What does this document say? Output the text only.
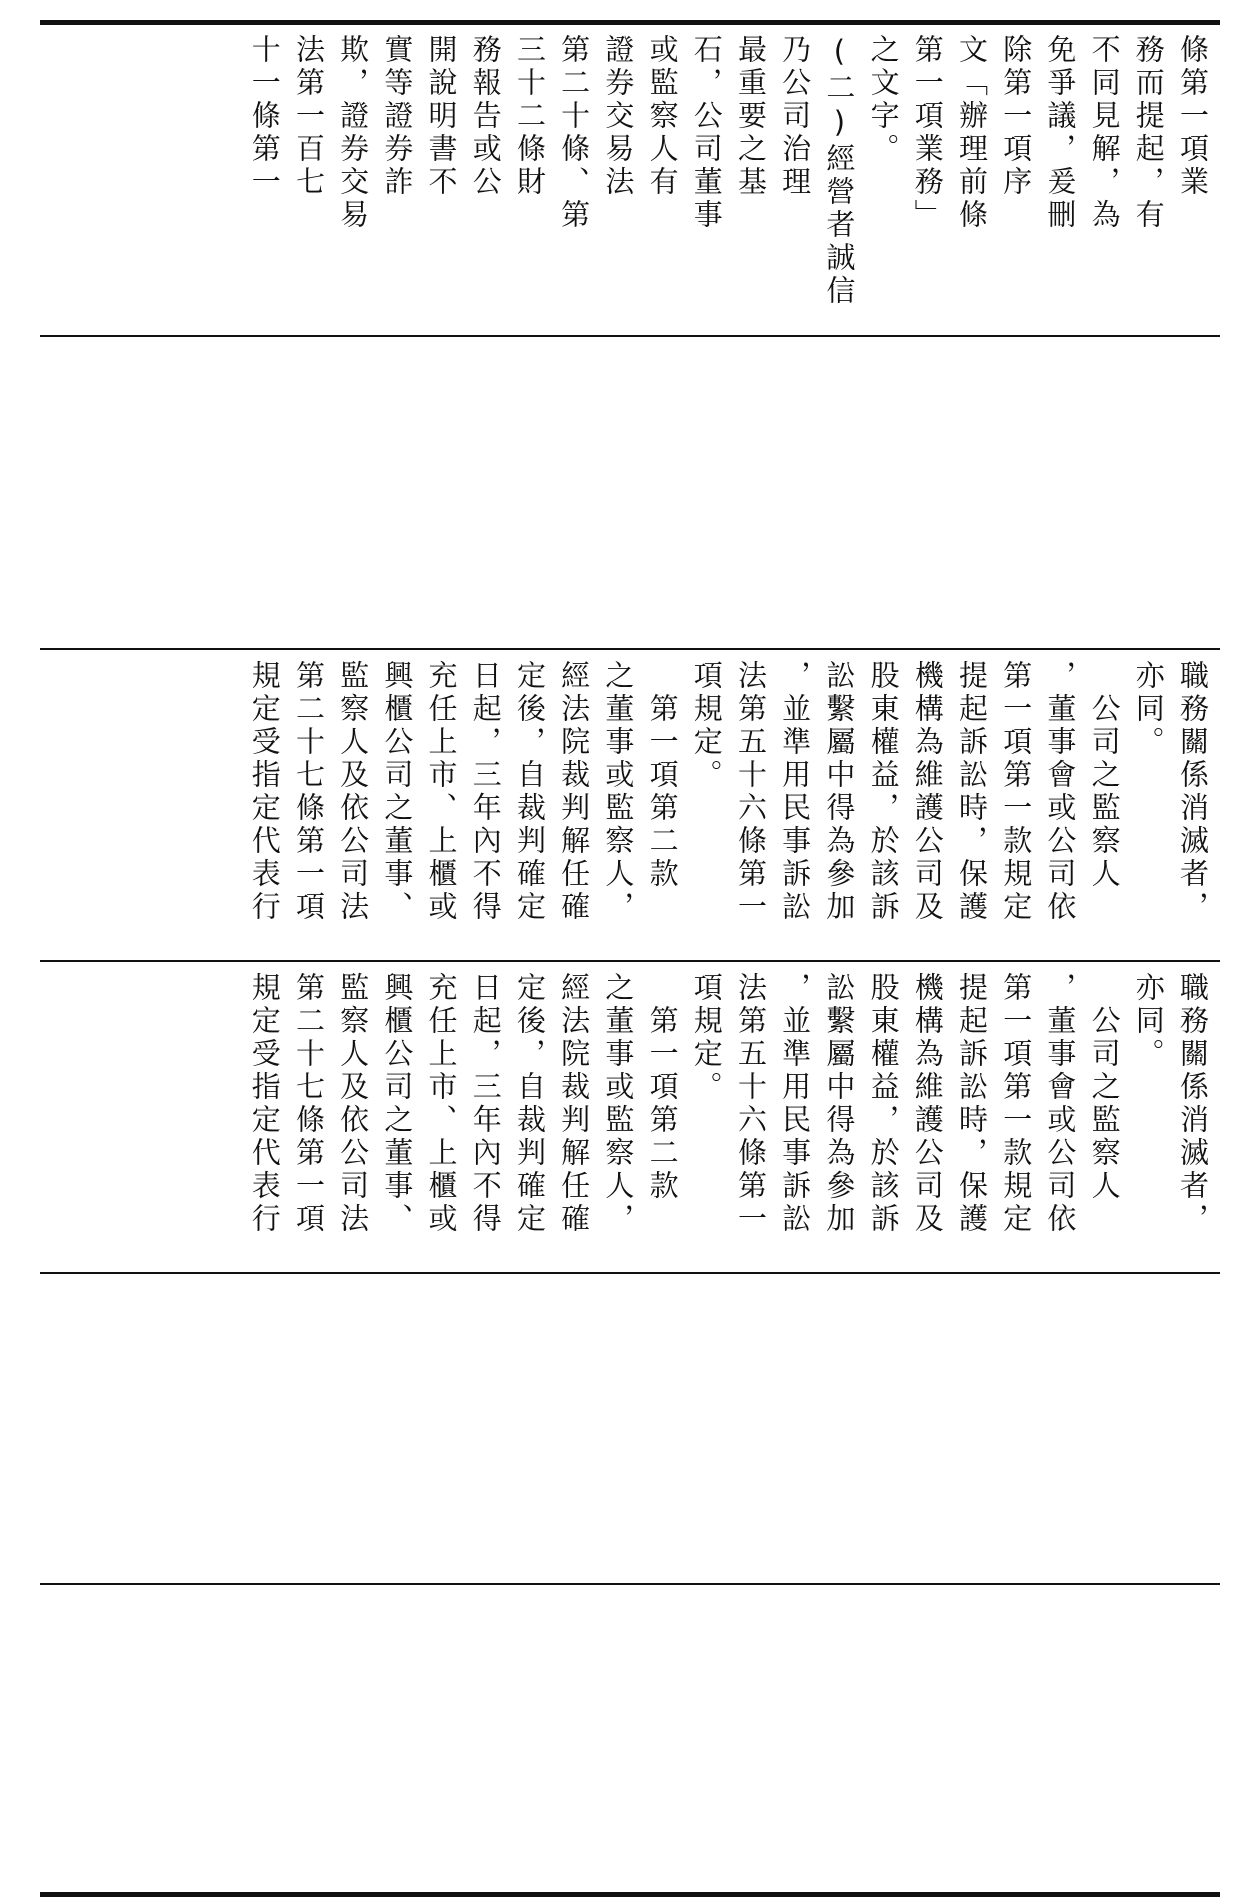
條第一項業
務而提起，有
不同見解，為
免爭議，爰刪
除第一項序
文「辦理前條
第一項業務」
之文字。
(二)經營者誠信
乃公司治理
最重要之基
石，公司董事
或監察人有
證券交易法
第二十條、第
三十二條財
務報告或公
開說明書不
實等證券詐
欺，證券交易
法第一百七
十一條第一
職務關係消滅者，
亦同。
　公司之監察人
，董事會或公司依
第一項第一款規定
提起訴訟時，保護
機構為維護公司及
股東權益，於該訴
訟繫屬中得為參加
，並準用民事訴訟
法第五十六條第一
項規定。
　第一項第二款
之董事或監察人，
經法院裁判解任確
定後，自裁判確定
日起，三年內不得
充任上市、上櫃或
興櫃公司之董事、
監察人及依公司法
第二十七條第一項
規定受指定代表行
職務關係消滅者，
亦同。
　公司之監察人
，董事會或公司依
第一項第一款規定
提起訴訟時，保護
機構為維護公司及
股東權益，於該訴
訟繫屬中得為參加
，並準用民事訴訟
法第五十六條第一
項規定。
　第一項第二款
之董事或監察人，
經法院裁判解任確
定後，自裁判確定
日起，三年內不得
充任上市、上櫃或
興櫃公司之董事、
監察人及依公司法
第二十七條第一項
規定受指定代表行
